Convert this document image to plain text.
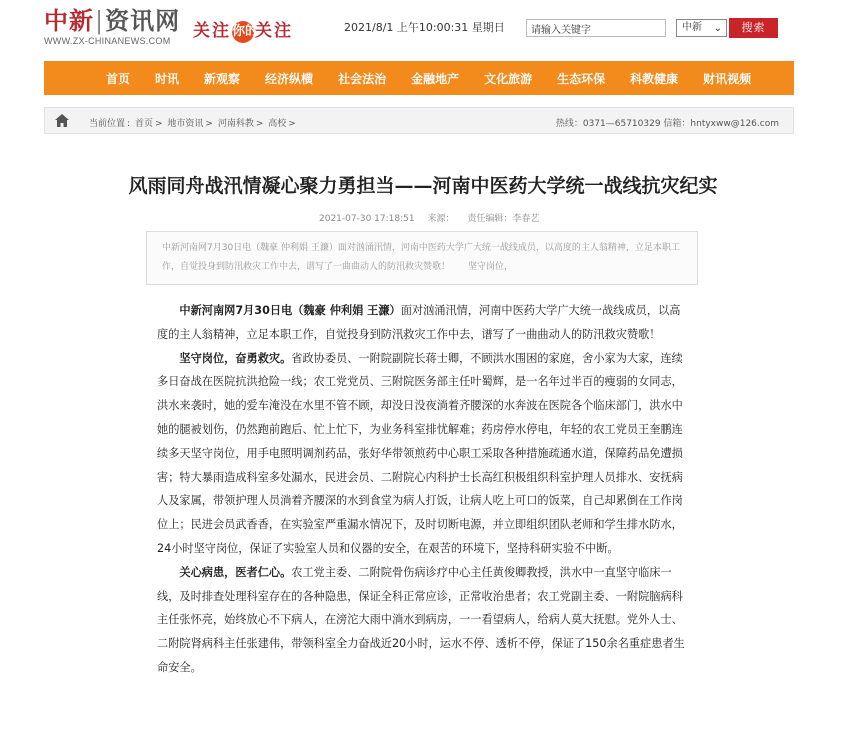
中新|资讯网
WWW.ZX-CHINANEWS.COM	关注你的关注	2021/8/1 上午10:00:31 星期日
请输入关键字	中新 ⌄	搜索
首页 时讯 新观察 经济纵横 社会法治 金融地产 文化旅游 生态环保 科教健康 财讯视频
当前位置 : 首页 > 地市资讯 > 河南科教 > 高校 >	热线：0371—65710329 信箱：hntyxww@126.com
风雨同舟战汛情凝心聚力勇担当——河南中医药大学统一战线抗灾纪实
2021-07-30 17:18:51 来源： 责任编辑：李春艺
中新河南网7月30日电（魏豪 仲利娟 王濂）面对汹涌汛情，河南中医药大学广大统一战线成员，以高度的主人翁精神，立足本职工作，自觉投身到防汛救灾工作中去，谱写了一曲曲动人的防汛救灾赞歌！　　坚守岗位，

中新河南网7月30日电（魏豪 仲利娟 王濂）面对汹涌汛情，河南中医药大学广大统一战线成员，以高度的主人翁精神，立足本职工作，自觉投身到防汛救灾工作中去，谱写了一曲曲动人的防汛救灾赞歌！

坚守岗位，奋勇救灾。省政协委员、一附院副院长蒋士卿，不顾洪水围困的家庭，舍小家为大家，连续多日奋战在医院抗洪抢险一线；农工党党员、三附院医务部主任叶蜀辉，是一名年过半百的瘦弱的女同志，洪水来袭时，她的爱车淹没在水里不管不顾，却没日没夜淌着齐腰深的水奔波在医院各个临床部门，洪水中她的腿被划伤，仍然跑前跑后、忙上忙下，为业务科室排忧解难；药房停水停电，年轻的农工党员王奎鹏连续多天坚守岗位，用手电照明调剂药品，张好华带领煎药中心职工采取各种措施疏通水道，保障药品免遭损害；特大暴雨造成科室多处漏水，民进会员、二附院心内科护士长高红积极组织科室护理人员排水、安抚病人及家属，带领护理人员淌着齐腰深的水到食堂为病人打饭，让病人吃上可口的饭菜，自己却累倒在工作岗位上；民进会员武香香，在实验室严重漏水情况下，及时切断电源，并立即组织团队老师和学生排水防水，24小时坚守岗位，保证了实验室人员和仪器的安全，在艰苦的环境下，坚持科研实验不中断。

关心病患，医者仁心。农工党主委、二附院骨伤病诊疗中心主任黄俊卿教授，洪水中一直坚守临床一线，及时排查处理科室存在的各种隐患，保证全科正常应诊，正常收治患者；农工党副主委、一附院脑病科主任张怀亮，始终放心不下病人，在滂沱大雨中淌水到病房，一一看望病人，给病人莫大抚慰。党外人士、二附院肾病科主任张建伟，带领科室全力奋战近20小时，运水不停、透析不停，保证了150余名重症患者生命安全。
